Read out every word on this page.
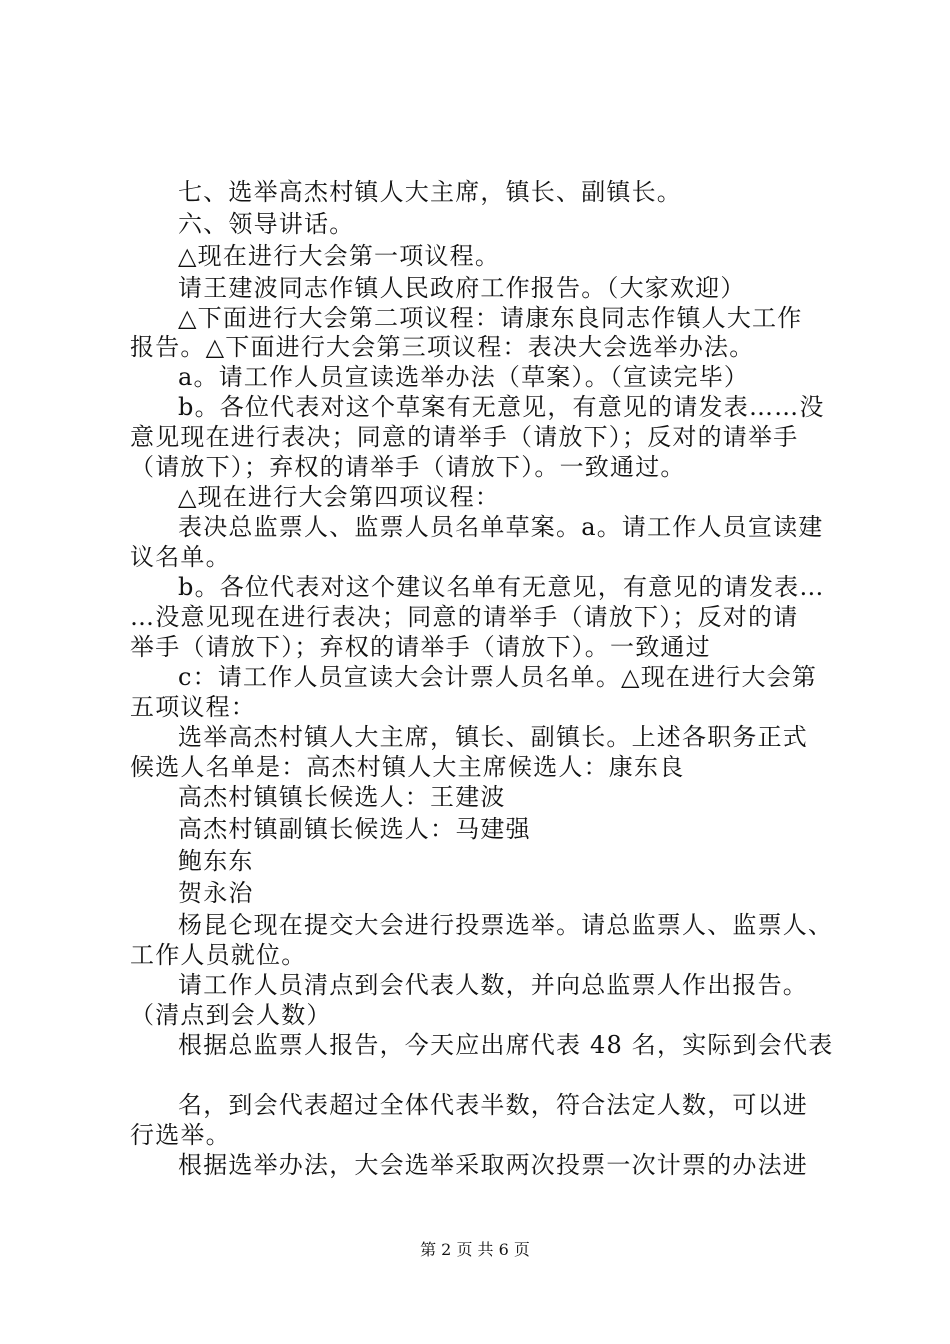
七、选举高杰村镇人大主席，镇长、副镇长。
六、领导讲话。
△现在进行大会第一项议程。
请王建波同志作镇人民政府工作报告。（大家欢迎）
△下面进行大会第二项议程：请康东良同志作镇人大工作
报告。△下面进行大会第三项议程：表决大会选举办法。
a。请工作人员宣读选举办法（草案）。（宣读完毕）
b。各位代表对这个草案有无意见，有意见的请发表……没
意见现在进行表决；同意的请举手（请放下）；反对的请举手
（请放下）；弃权的请举手（请放下）。一致通过。
△现在进行大会第四项议程：
表决总监票人、监票人员名单草案。a。请工作人员宣读建
议名单。
b。各位代表对这个建议名单有无意见，有意见的请发表…
…没意见现在进行表决；同意的请举手（请放下）；反对的请
举手（请放下）；弃权的请举手（请放下）。一致通过
c：请工作人员宣读大会计票人员名单。△现在进行大会第
五项议程：
选举高杰村镇人大主席，镇长、副镇长。上述各职务正式
候选人名单是：高杰村镇人大主席候选人：康东良
高杰村镇镇长候选人：王建波
高杰村镇副镇长候选人：马建强
鲍东东
贺永治
杨昆仑现在提交大会进行投票选举。请总监票人、监票人、
工作人员就位。
请工作人员清点到会代表人数，并向总监票人作出报告。
（清点到会人数）
根据总监票人报告，今天应出席代表 48 名，实际到会代表
名，到会代表超过全体代表半数，符合法定人数，可以进
行选举。
根据选举办法，大会选举采取两次投票一次计票的办法进
第 2 页 共 6 页
